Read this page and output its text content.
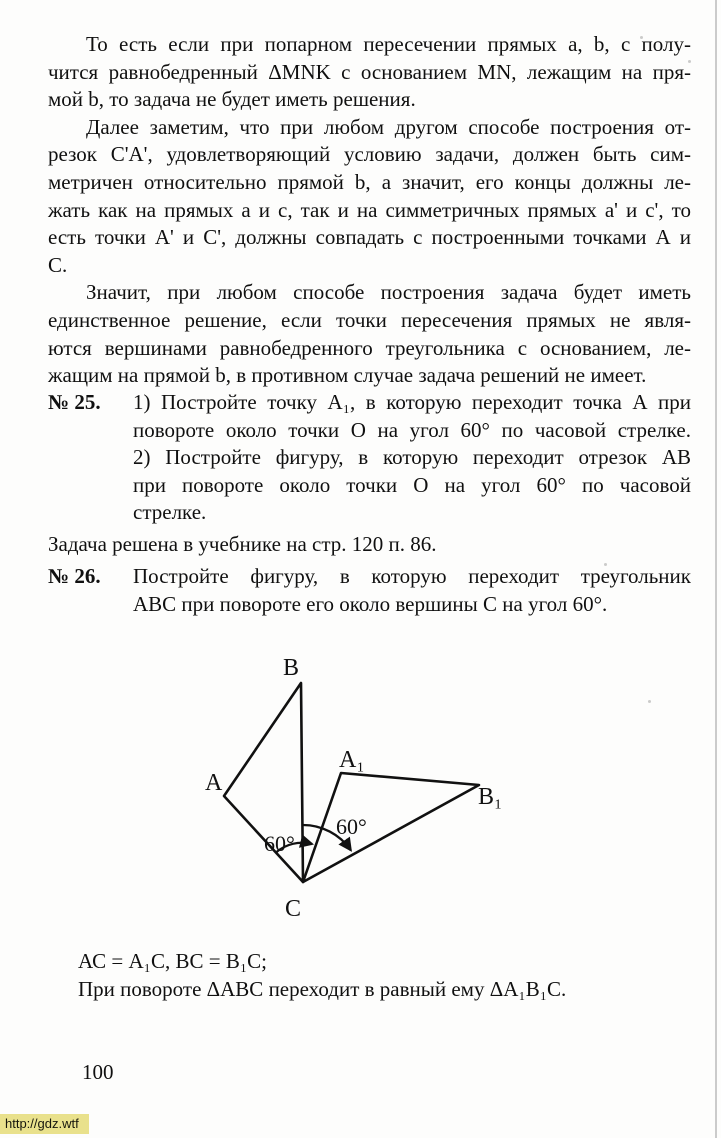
То есть если при попарном пересечении прямых a, b, c полу-
чится равнобедренный ΔMNK с основанием MN, лежащим на пря-
мой b, то задача не будет иметь решения.
Далее заметим, что при любом другом способе построения от-
резок С'А', удовлетворяющий условию задачи, должен быть сим-
метричен относительно прямой b, а значит, его концы должны ле-
жать как на прямых а и с, так и на симметричных прямых а' и с', то
есть точки А' и С', должны совпадать с построенными точками А и
С.
Значит, при любом способе построения задача будет иметь
единственное решение, если точки пересечения прямых не явля-
ются вершинами равнобедренного треугольника с основанием, ле-
жащим на прямой b, в противном случае задача решений не имеет.
№ 25. 1) Постройте точку А₁, в которую переходит точка А при
повороте около точки О на угол 60° по часовой стрелке.
2) Постройте фигуру, в которую переходит отрезок АВ
при повороте около точки О на угол 60° по часовой
стрелке.
Задача решена в учебнике на стр. 120 п. 86.
№ 26. Постройте фигуру, в которую переходит треугольник
АВС при повороте его около вершины С на угол 60°.
A
B
C
A₁
B₁
60°
60°
АС = А₁С, ВС = В₁С;
При повороте ΔАВС переходит в равный ему ΔА₁В₁С.
100
http://gdz.wtf
